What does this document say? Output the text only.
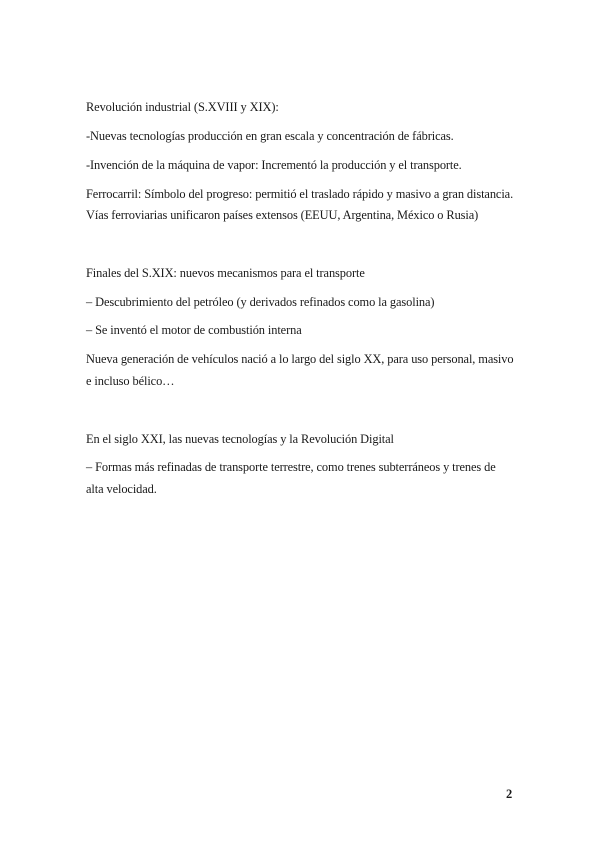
Revolución industrial (S.XVIII y XIX):
-Nuevas tecnologías producción en gran escala y concentración de fábricas.
-Invención de la máquina de vapor: Incrementó la producción y el transporte.
Ferrocarril: Símbolo del progreso: permitió el traslado rápido y masivo a gran distancia.
Vías ferroviarias unificaron países extensos (EEUU, Argentina, México o Rusia)
Finales del S.XIX: nuevos mecanismos para el transporte
– Descubrimiento del petróleo (y derivados refinados como la gasolina)
– Se inventó el motor de combustión interna
Nueva generación de vehículos nació a lo largo del siglo XX, para uso personal, masivo
e incluso bélico…
En el siglo XXI, las nuevas tecnologías y la Revolución Digital
– Formas más refinadas de transporte terrestre, como trenes subterráneos y trenes de
alta velocidad.
2
